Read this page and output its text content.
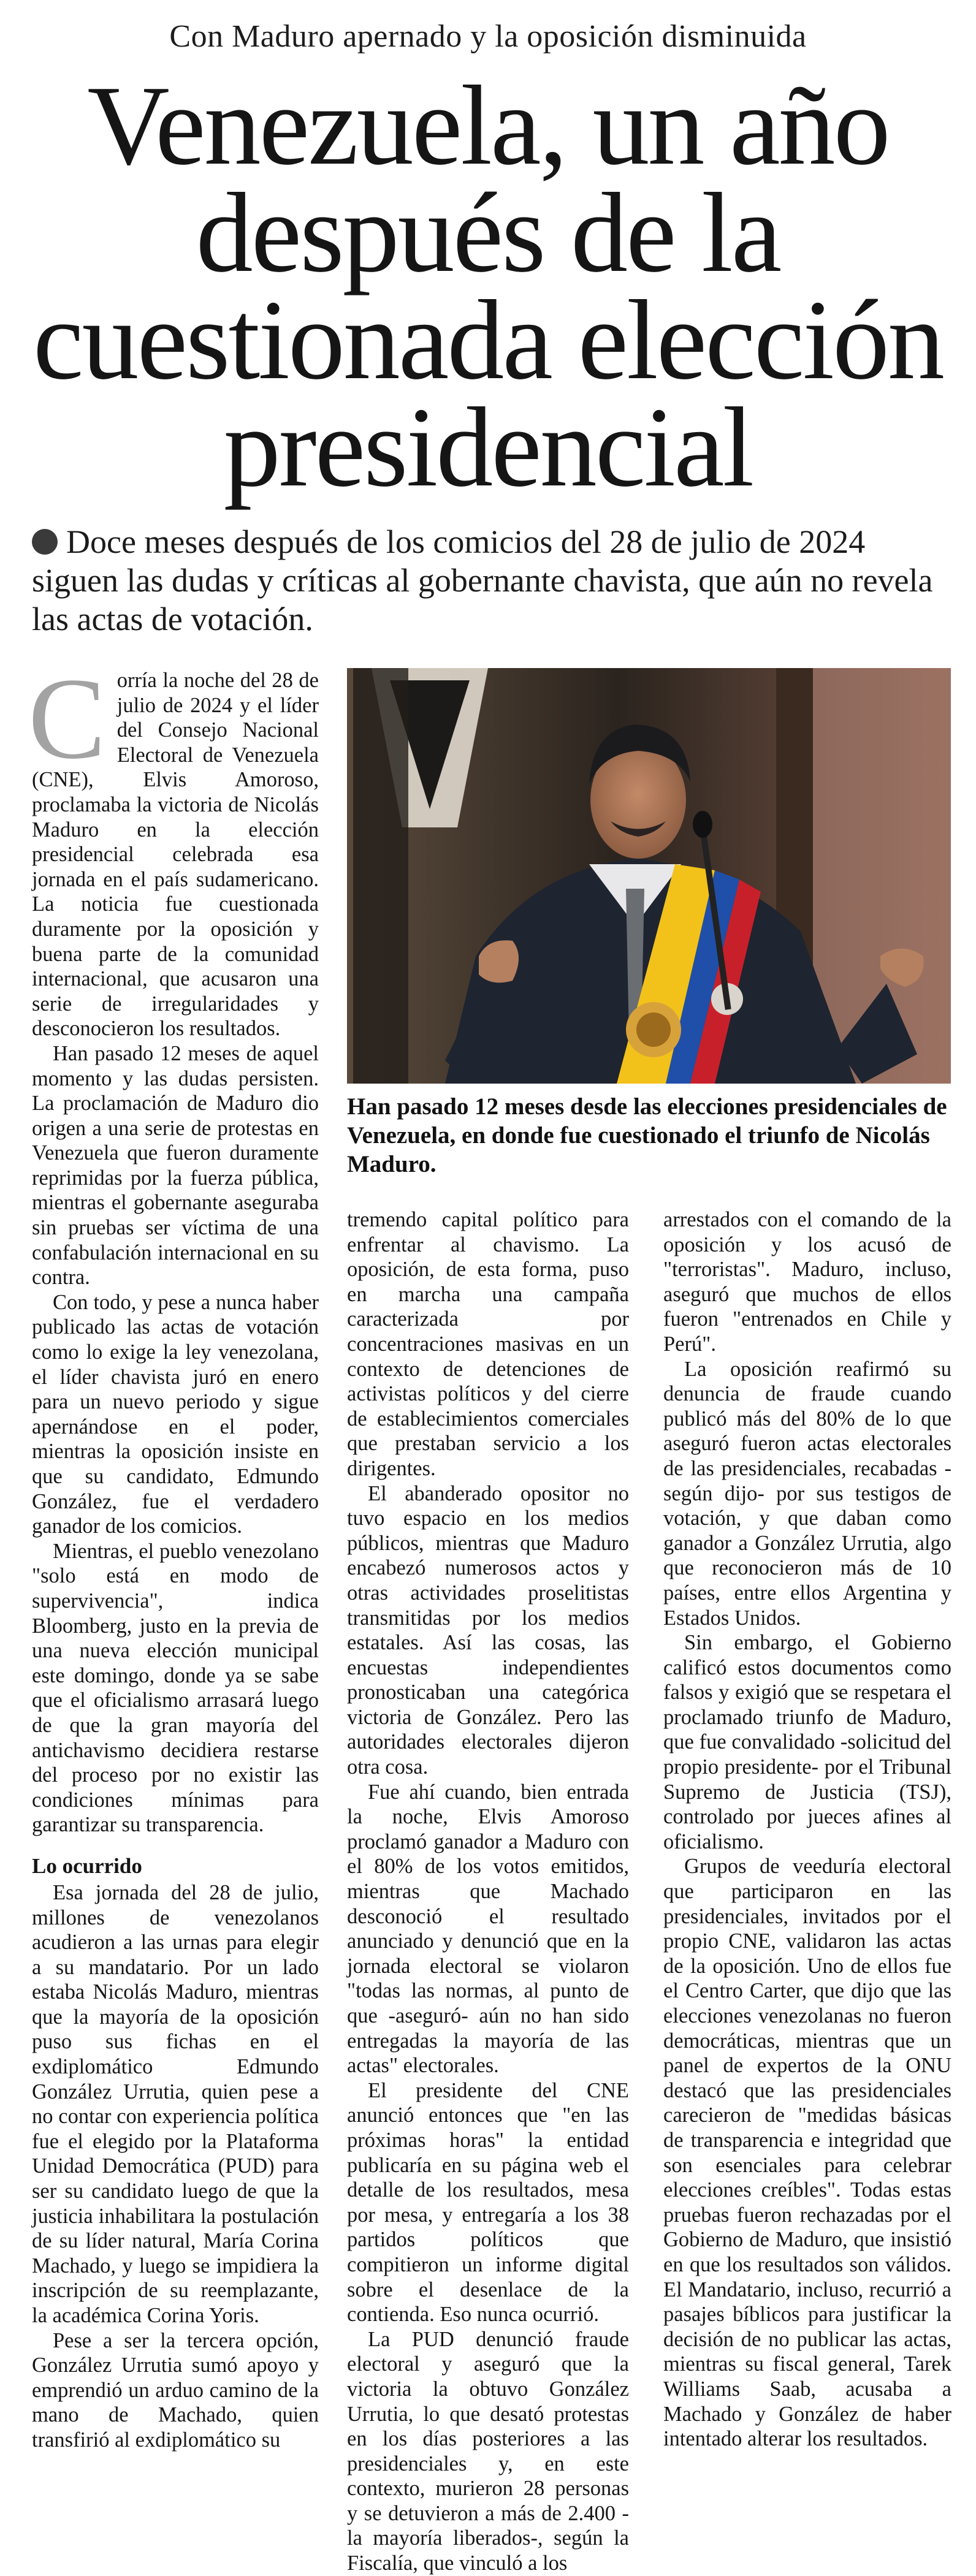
Con Maduro apernado y la oposición disminuida
Venezuela, un año después de la cuestionada elección presidencial

Doce meses después de los comicios del 28 de julio de 2024 siguen las dudas y críticas al gobernante chavista, que aún no revela las actas de votación.

Han pasado 12 meses desde las elecciones presidenciales de Venezuela, en donde fue cuestionado el triunfo de Nicolás Maduro.

Corría la noche del 28 de julio de 2024 y el líder del Consejo Nacional Electoral de Venezuela (CNE), Elvis Amoroso, proclamaba la victoria de Nicolás Maduro en la elección presidencial celebrada esa jornada en el país sudamericano. La noticia fue cuestionada duramente por la oposición y buena parte de la comunidad internacional, que acusaron una serie de irregularidades y desconocieron los resultados.

Han pasado 12 meses de aquel momento y las dudas persisten. La proclamación de Maduro dio origen a una serie de protestas en Venezuela que fueron duramente reprimidas por la fuerza pública, mientras el gobernante aseguraba sin pruebas ser víctima de una confabulación internacional en su contra.

Con todo, y pese a nunca haber publicado las actas de votación como lo exige la ley venezolana, el líder chavista juró en enero para un nuevo periodo y sigue apernándose en el poder, mientras la oposición insiste en que su candidato, Edmundo González, fue el verdadero ganador de los comicios.

Mientras, el pueblo venezolano "solo está en modo de supervivencia", indica Bloomberg, justo en la previa de una nueva elección municipal este domingo, donde ya se sabe que el oficialismo arrasará luego de que la gran mayoría del antichavismo decidiera restarse del proceso por no existir las condiciones mínimas para garantizar su transparencia.

Lo ocurrido

Esa jornada del 28 de julio, millones de venezolanos acudieron a las urnas para elegir a su mandatario. Por un lado estaba Nicolás Maduro, mientras que la mayoría de la oposición puso sus fichas en el exdiplomático Edmundo González Urrutia, quien pese a no contar con experiencia política fue el elegido por la Plataforma Unidad Democrática (PUD) para ser su candidato luego de que la justicia inhabilitara la postulación de su líder natural, María Corina Machado, y luego se impidiera la inscripción de su reemplazante, la académica Corina Yoris.

Pese a ser la tercera opción, González Urrutia sumó apoyo y emprendió un arduo camino de la mano de Machado, quien transfirió al exdiplomático su

tremendo capital político para enfrentar al chavismo. La oposición, de esta forma, puso en marcha una campaña caracterizada por concentraciones masivas en un contexto de detenciones de activistas políticos y del cierre de establecimientos comerciales que prestaban servicio a los dirigentes.

El abanderado opositor no tuvo espacio en los medios públicos, mientras que Maduro encabezó numerosos actos y otras actividades proselitistas transmitidas por los medios estatales. Así las cosas, las encuestas independientes pronosticaban una categórica victoria de González. Pero las autoridades electorales dijeron otra cosa.

Fue ahí cuando, bien entrada la noche, Elvis Amoroso proclamó ganador a Maduro con el 80% de los votos emitidos, mientras que Machado desconoció el resultado anunciado y denunció que en la jornada electoral se violaron "todas las normas, al punto de que -aseguró- aún no han sido entregadas la mayoría de las actas" electorales.

El presidente del CNE anunció entonces que "en las próximas horas" la entidad publicaría en su página web el detalle de los resultados, mesa por mesa, y entregaría a los 38 partidos políticos que compitieron un informe digital sobre el desenlace de la contienda. Eso nunca ocurrió.

La PUD denunció fraude electoral y aseguró que la victoria la obtuvo González Urrutia, lo que desató protestas en los días posteriores a las presidenciales y, en este contexto, murieron 28 personas y se detuvieron a más de 2.400 -la mayoría liberados-, según la Fiscalía, que vinculó a los

arrestados con el comando de la oposición y los acusó de "terroristas". Maduro, incluso, aseguró que muchos de ellos fueron "entrenados en Chile y Perú".

La oposición reafirmó su denuncia de fraude cuando publicó más del 80% de lo que aseguró fueron actas electorales de las presidenciales, recabadas -según dijo- por sus testigos de votación, y que daban como ganador a González Urrutia, algo que reconocieron más de 10 países, entre ellos Argentina y Estados Unidos.

Sin embargo, el Gobierno calificó estos documentos como falsos y exigió que se respetara el proclamado triunfo de Maduro, que fue convalidado -solicitud del propio presidente- por el Tribunal Supremo de Justicia (TSJ), controlado por jueces afines al oficialismo.

Grupos de veeduría electoral que participaron en las presidenciales, invitados por el propio CNE, validaron las actas de la oposición. Uno de ellos fue el Centro Carter, que dijo que las elecciones venezolanas no fueron democráticas, mientras que un panel de expertos de la ONU destacó que las presidenciales carecieron de "medidas básicas de transparencia e integridad que son esenciales para celebrar elecciones creíbles". Todas estas pruebas fueron rechazadas por el Gobierno de Maduro, que insistió en que los resultados son válidos. El Mandatario, incluso, recurrió a pasajes bíblicos para justificar la decisión de no publicar las actas, mientras su fiscal general, Tarek Williams Saab, acusaba a Machado y González de haber intentado alterar los resultados.
